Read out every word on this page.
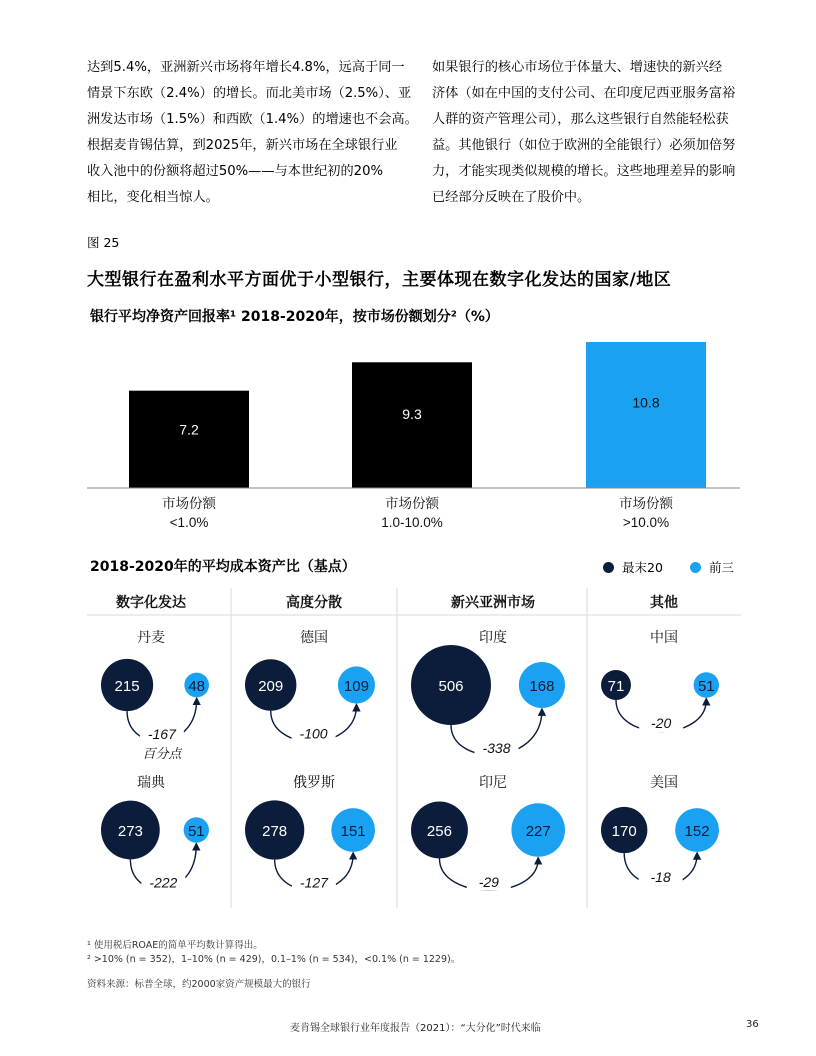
达到5.4%，亚洲新兴市场将年增长4.8%，远高于同一
情景下东欧（2.4%）的增长。而北美市场（2.5%）、亚
洲发达市场（1.5%）和西欧（1.4%）的增速也不会高。
根据麦肯锡估算，到2025年，新兴市场在全球银行业
收入池中的份额将超过50%——与本世纪初的20%
相比，变化相当惊人。
如果银行的核心市场位于体量大、增速快的新兴经
济体（如在中国的支付公司、在印度尼西亚服务富裕
人群的资产管理公司），那么这些银行自然能轻松获
益。其他银行（如位于欧洲的全能银行）必须加倍努
力，才能实现类似规模的增长。这些地理差异的影响
已经部分反映在了股价中。
图 25
大型银行在盈利水平方面优于小型银行，主要体现在数字化发达的国家/地区
银行平均净资产回报率¹ 2018-2020年，按市场份额划分²（%）
7.2
市场份额
<1.0%
9.3
市场份额
1.0-10.0%
10.8
市场份额
>10.0%
2018-2020年的平均成本资产比（基点）	最末20	前三
数字化发达
丹麦
215	48
-167
百分点
瑞典
273	51
-222
高度分散
德国
209	109
-100
俄罗斯
278	151
-127
新兴亚洲市场
印度
506	168
-338
印尼
256	227
-29
其他
中国
71	51
-20
美国
170	152
-18
¹ 使用税后ROAE的简单平均数计算得出。
² >10% (n = 352)，1–10% (n = 429)，0.1–1% (n = 534)，<0.1% (n = 1229)。
资料来源：标普全球，约2000家资产规模最大的银行
麦肯锡全球银行业年度报告（2021）：“大分化”时代来临	36
